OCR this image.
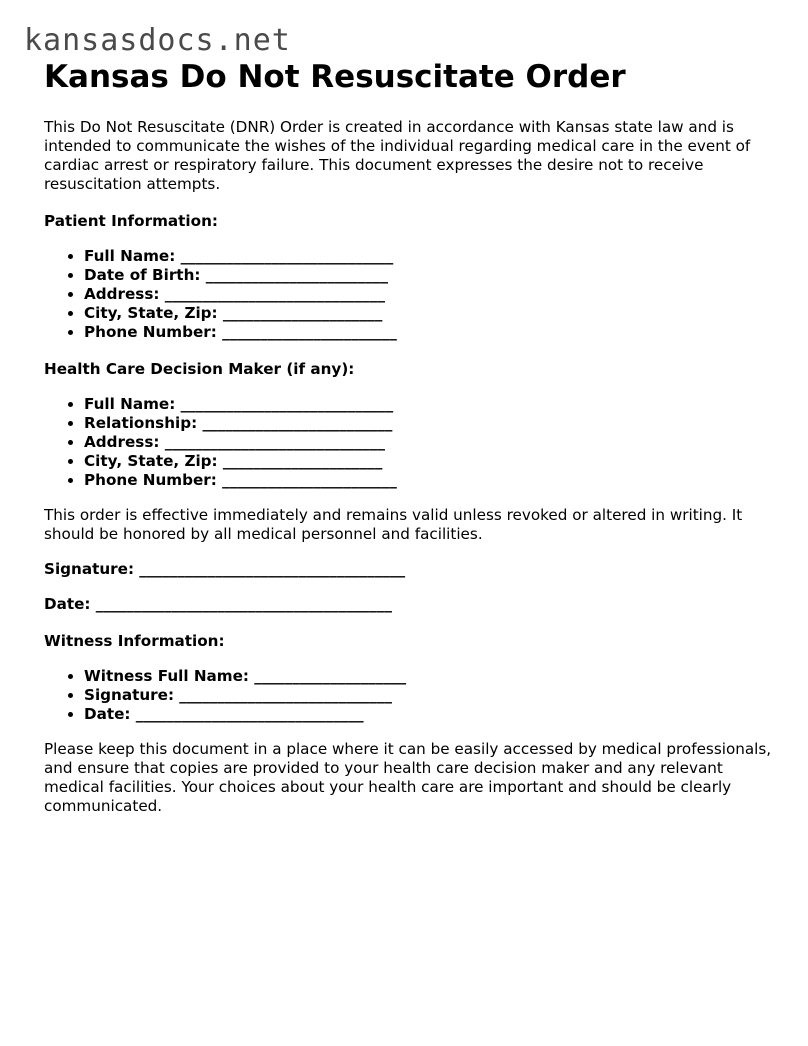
kansasdocs.net
Kansas Do Not Resuscitate Order

This Do Not Resuscitate (DNR) Order is created in accordance with Kansas state law and is intended to communicate the wishes of the individual regarding medical care in the event of cardiac arrest or respiratory failure. This document expresses the desire not to receive resuscitation attempts.

Patient Information:

• Full Name: ____________________________
• Date of Birth: ________________________
• Address: _____________________________
• City, State, Zip: _____________________
• Phone Number: _______________________

Health Care Decision Maker (if any):

• Full Name: ____________________________
• Relationship: _________________________
• Address: _____________________________
• City, State, Zip: _____________________
• Phone Number: _______________________

This order is effective immediately and remains valid unless revoked or altered in writing. It should be honored by all medical personnel and facilities.

Signature: ___________________________________

Date: _______________________________________

Witness Information:

• Witness Full Name: ____________________
• Signature: ____________________________
• Date: ______________________________

Please keep this document in a place where it can be easily accessed by medical professionals, and ensure that copies are provided to your health care decision maker and any relevant medical facilities. Your choices about your health care are important and should be clearly communicated.
